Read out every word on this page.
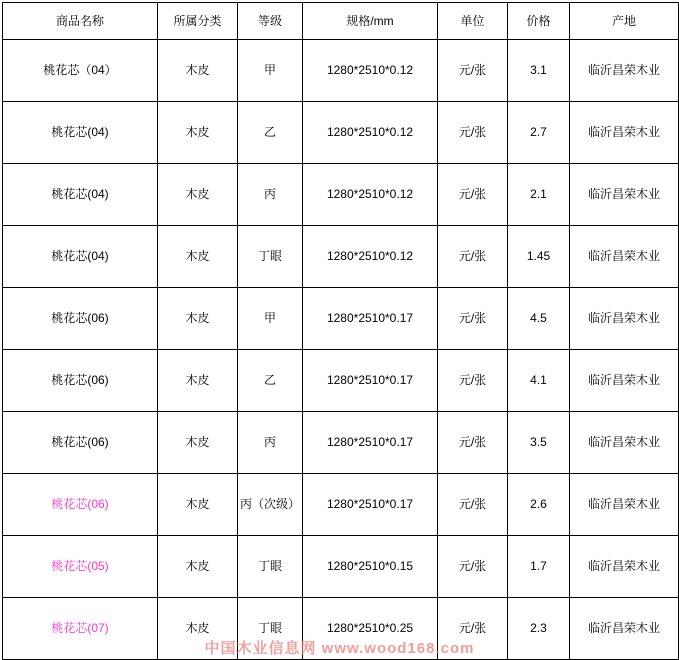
商品名称	所属分类	等级	规格/mm	单位	价格	产地
桃花芯（04）	木皮	甲	1280*2510*0.12	元/张	3.1	临沂昌荣木业
桃花芯(04)	木皮	乙	1280*2510*0.12	元/张	2.7	临沂昌荣木业
桃花芯(04)	木皮	丙	1280*2510*0.12	元/张	2.1	临沂昌荣木业
桃花芯(04)	木皮	丁眼	1280*2510*0.12	元/张	1.45	临沂昌荣木业
桃花芯(06)	木皮	甲	1280*2510*0.17	元/张	4.5	临沂昌荣木业
桃花芯(06)	木皮	乙	1280*2510*0.17	元/张	4.1	临沂昌荣木业
桃花芯(06)	木皮	丙	1280*2510*0.17	元/张	3.5	临沂昌荣木业
桃花芯(06)	木皮	丙（次级）	1280*2510*0.17	元/张	2.6	临沂昌荣木业
桃花芯(05)	木皮	丁眼	1280*2510*0.15	元/张	1.7	临沂昌荣木业
桃花芯(07)	木皮	丁眼	1280*2510*0.25	元/张	2.3	临沂昌荣木业
中国木业信息网 www.wood168.com
